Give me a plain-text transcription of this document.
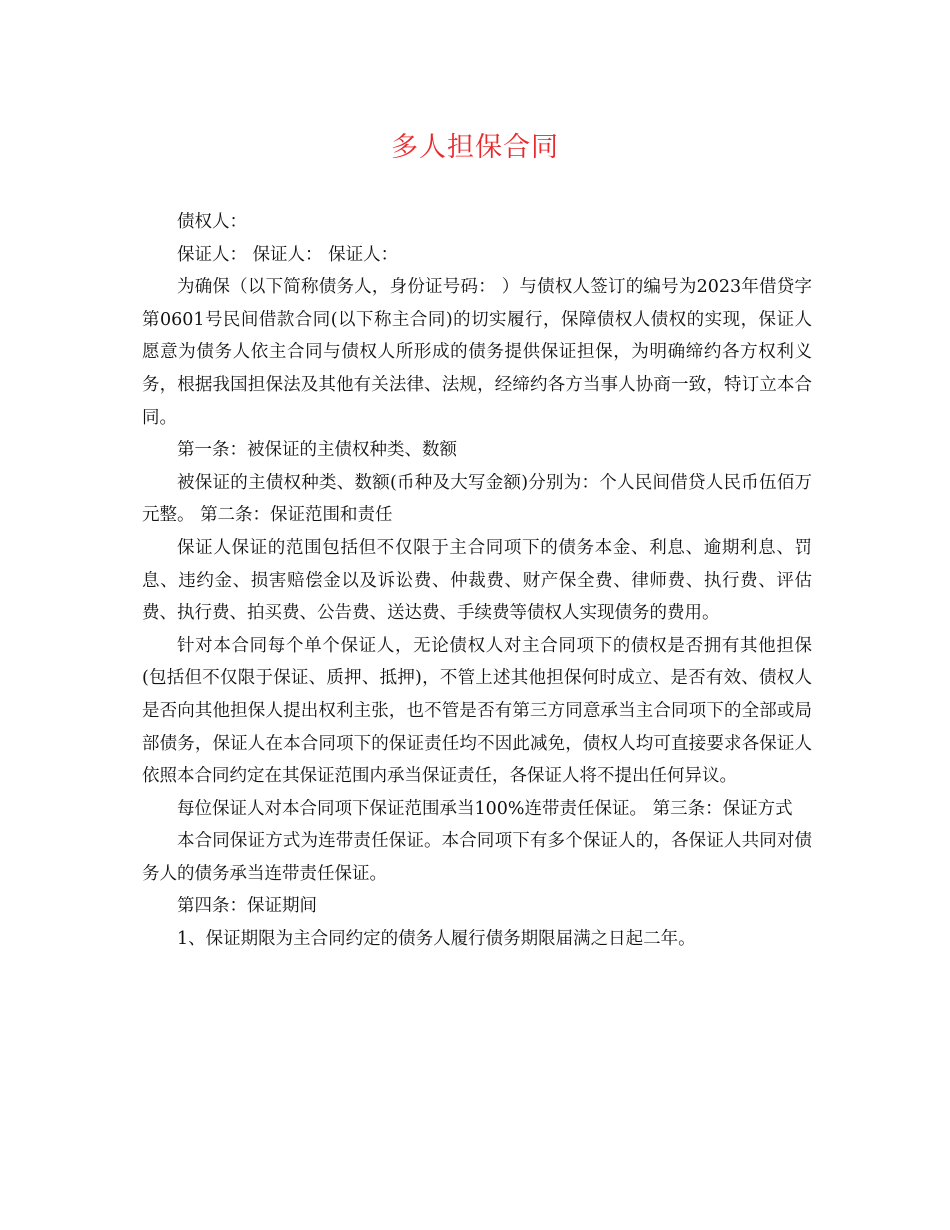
多人担保合同

债权人：

保证人： 保证人： 保证人：

为确保（以下简称债务人，身份证号码： ）与债权人签订的编号为2023年借贷字第0601号民间借款合同(以下称主合同)的切实履行，保障债权人债权的实现，保证人愿意为债务人依主合同与债权人所形成的债务提供保证担保，为明确缔约各方权利义务，根据我国担保法及其他有关法律、法规，经缔约各方当事人协商一致，特订立本合同。

第一条：被保证的主债权种类、数额

被保证的主债权种类、数额(币种及大写金额)分别为：个人民间借贷人民币伍佰万元整。 第二条：保证范围和责任

保证人保证的范围包括但不仅限于主合同项下的债务本金、利息、逾期利息、罚息、违约金、损害赔偿金以及诉讼费、仲裁费、财产保全费、律师费、执行费、评估费、执行费、拍买费、公告费、送达费、手续费等债权人实现债务的费用。

针对本合同每个单个保证人，无论债权人对主合同项下的债权是否拥有其他担保(包括但不仅限于保证、质押、抵押)，不管上述其他担保何时成立、是否有效、债权人是否向其他担保人提出权利主张，也不管是否有第三方同意承当主合同项下的全部或局部债务，保证人在本合同项下的保证责任均不因此减免，债权人均可直接要求各保证人依照本合同约定在其保证范围内承当保证责任，各保证人将不提出任何异议。

每位保证人对本合同项下保证范围承当100%连带责任保证。 第三条：保证方式

本合同保证方式为连带责任保证。本合同项下有多个保证人的，各保证人共同对债务人的债务承当连带责任保证。

第四条：保证期间

1、保证期限为主合同约定的债务人履行债务期限届满之日起二年。
